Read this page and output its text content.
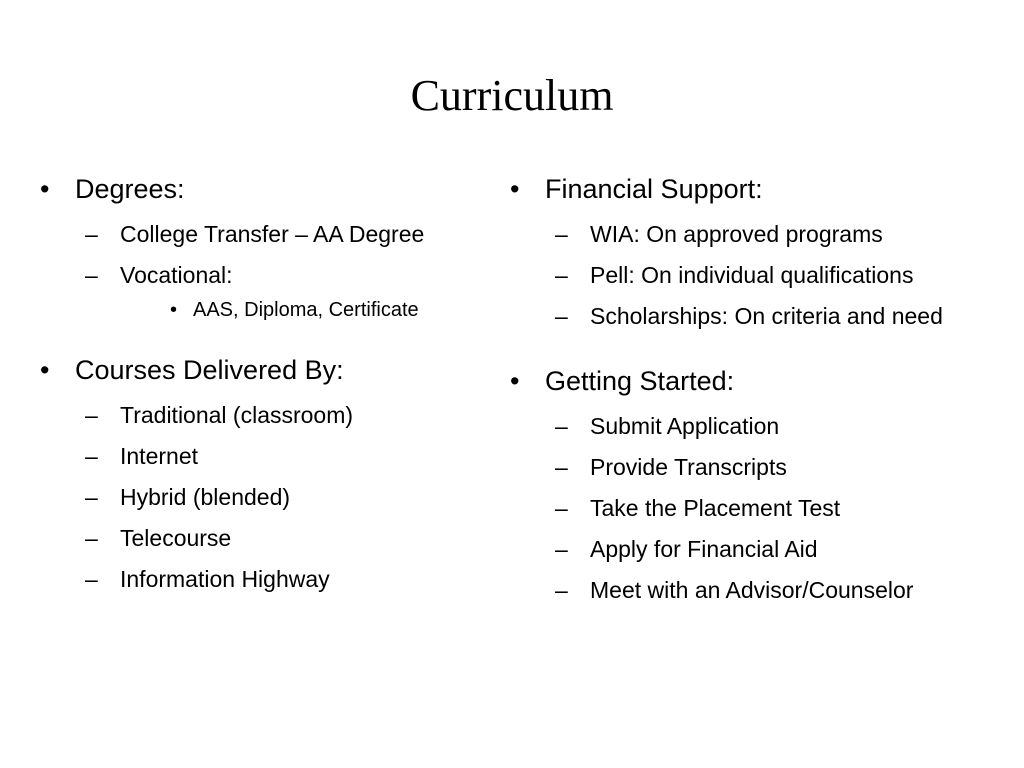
Curriculum
• Degrees:
– College Transfer – AA Degree
– Vocational:
• AAS, Diploma, Certificate
• Courses Delivered By:
– Traditional (classroom)
– Internet
– Hybrid (blended)
– Telecourse
– Information Highway
• Financial Support:
– WIA: On approved programs
– Pell: On individual qualifications
– Scholarships: On criteria and need
• Getting Started:
– Submit Application
– Provide Transcripts
– Take the Placement Test
– Apply for Financial Aid
– Meet with an Advisor/Counselor
